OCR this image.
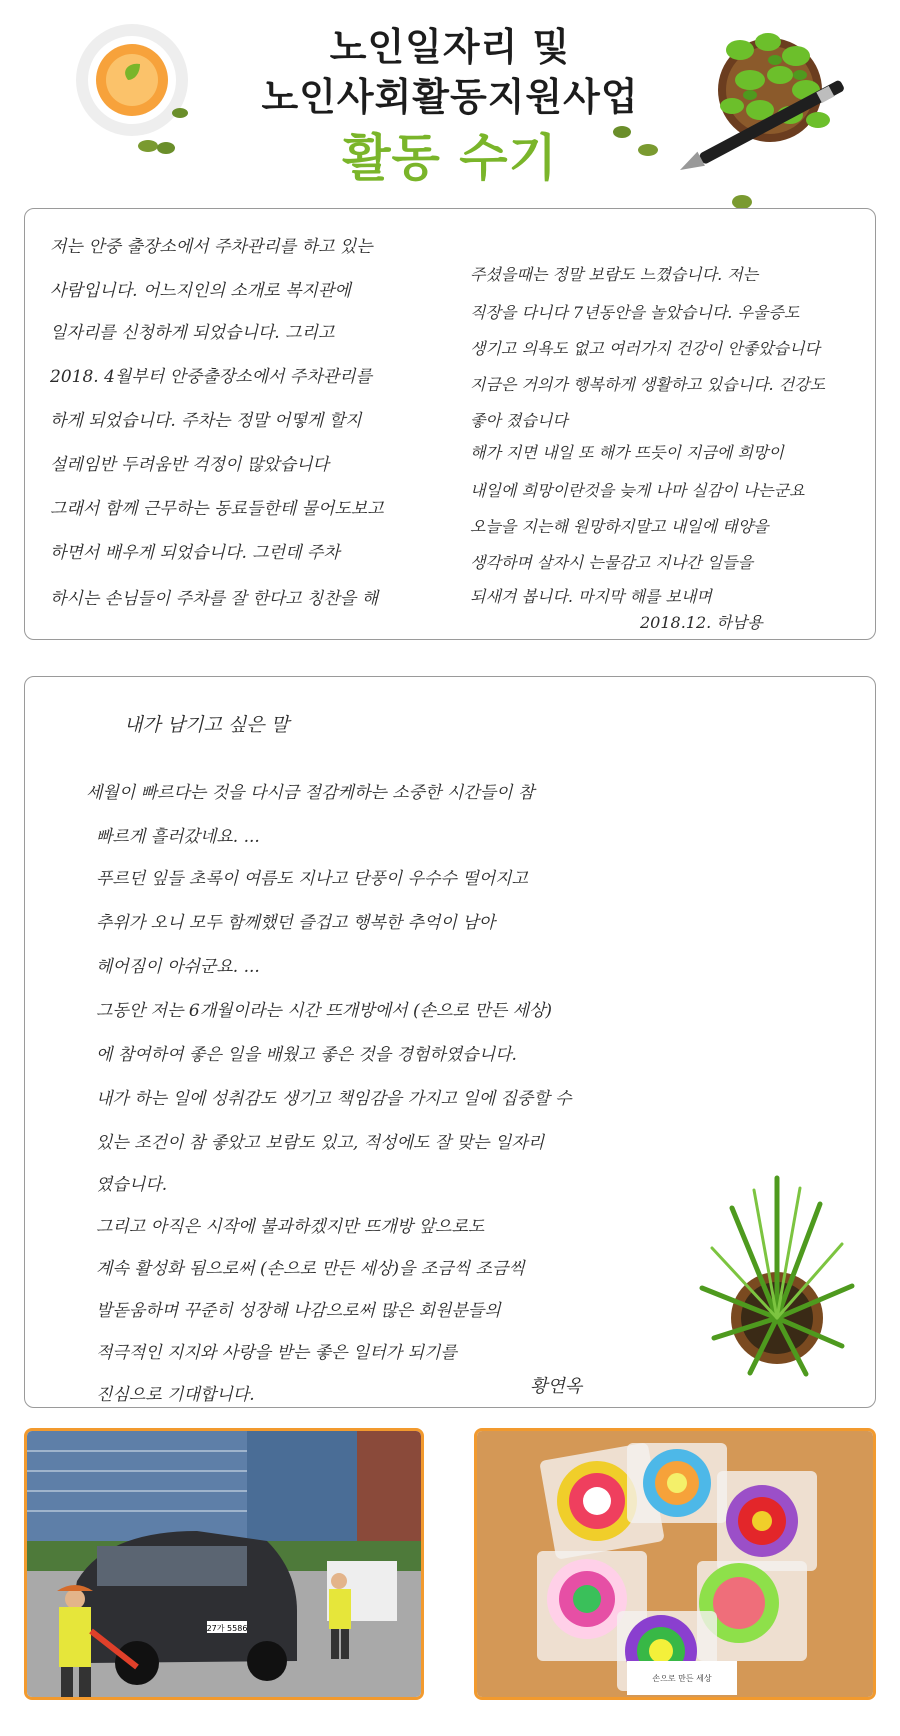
노인일자리 및
노인사회활동지원사업
활동 수기
저는 안중 출장소에서 주차관리를 하고 있는
사람입니다. 어느지인의 소개로 복지관에
일자리를 신청하게 되었습니다. 그리고
2018. 4월부터 안중출장소에서 주차관리를
하게 되었습니다. 주차는 정말 어떻게 할지
설레임반 두려움반 걱정이 많았습니다
그래서 함께 근무하는 동료들한테 물어도보고
하면서 배우게 되었습니다. 그런데 주차
하시는 손님들이 주차를 잘 한다고 칭찬을 해
주셨을때는 정말 보람도 느꼈습니다. 저는
직장을 다니다 7년동안을 놀았습니다. 우울증도
생기고 의욕도 없고 여러가지 건강이 안좋았습니다
지금은 거의가 행복하게 생활하고 있습니다. 건강도
좋아 졌습니다
해가 지면 내일 또 해가 뜨듯이 지금에 희망이
내일에 희망이란것을 늦게 나마 실감이 나는군요
오늘을 지는해 원망하지말고 내일에 태양을
생각하며 살자시 는물감고 지나간 일들을
되새겨 봅니다. 마지막 해를 보내며
2018.12. 하남용
내가 남기고 싶은 말
세월이 빠르다는 것을 다시금 절감케하는 소중한 시간들이 참
빠르게 흘러갔네요. ...
푸르던 잎들 초록이 여름도 지나고 단풍이 우수수 떨어지고
추위가 오니 모두 함께했던 즐겁고 행복한 추억이 남아
헤어짐이 아쉬군요. ...
그동안 저는 6개월이라는 시간 뜨개방에서 (손으로 만든 세상)
에 참여하여 좋은 일을 배웠고 좋은 것을 경험하였습니다.
내가 하는 일에 성취감도 생기고 책임감을 가지고 일에 집중할 수
있는 조건이 참 좋았고 보람도 있고, 적성에도 잘 맞는 일자리
였습니다.
그리고 아직은 시작에 불과하겠지만 뜨개방 앞으로도
계속 활성화 됨으로써 (손으로 만든 세상)을 조금씩 조금씩
발돋움하며 꾸준히 성장해 나감으로써 많은 회원분들의
적극적인 지지와 사랑을 받는 좋은 일터가 되기를
진심으로 기대합니다.	황연옥
27가 5586
손으로 만든 세상
